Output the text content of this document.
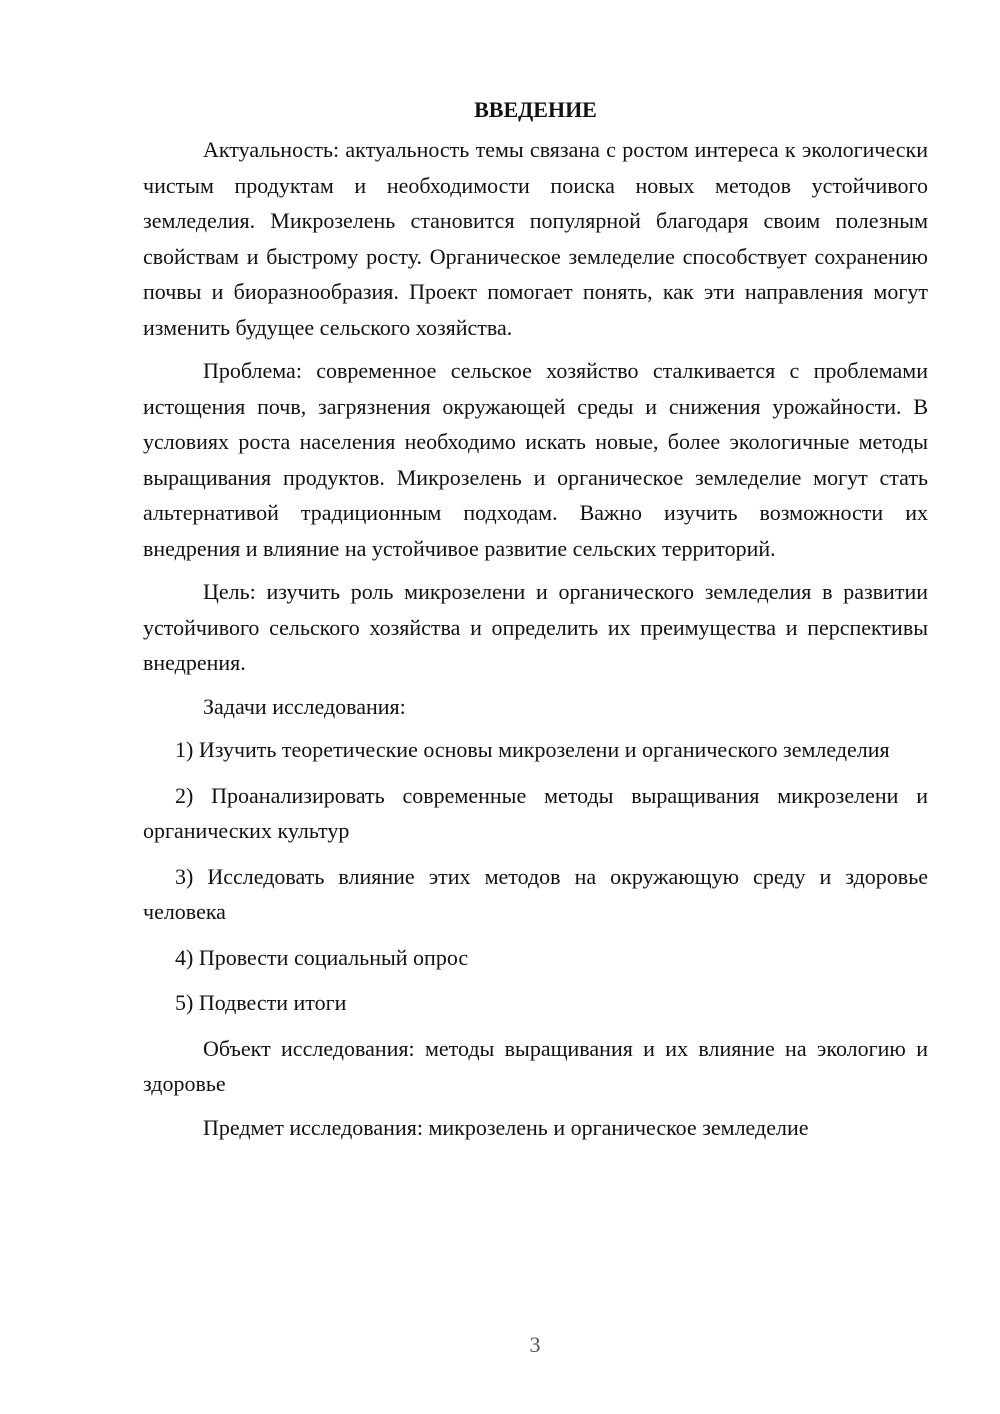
ВВЕДЕНИЕ

Актуальность: актуальность темы связана с ростом интереса к экологически чистым продуктам и необходимости поиска новых методов устойчивого земледелия. Микрозелень становится популярной благодаря своим полезным свойствам и быстрому росту. Органическое земледелие способствует сохранению почвы и биоразнообразия. Проект помогает понять, как эти направления могут изменить будущее сельского хозяйства.

Проблема: современное сельское хозяйство сталкивается с проблемами истощения почв, загрязнения окружающей среды и снижения урожайности. В условиях роста населения необходимо искать новые, более экологичные методы выращивания продуктов. Микрозелень и органическое земледелие могут стать альтернативой традиционным подходам. Важно изучить возможности их внедрения и влияние на устойчивое развитие сельских территорий.

Цель: изучить роль микрозелени и органического земледелия в развитии устойчивого сельского хозяйства и определить их преимущества и перспективы внедрения.

Задачи исследования:

1) Изучить теоретические основы микрозелени и органического земледелия

2) Проанализировать современные методы выращивания микрозелени и органических культур

3) Исследовать влияние этих методов на окружающую среду и здоровье человека

4) Провести социальный опрос

5) Подвести итоги

Объект исследования: методы выращивания и их влияние на экологию и здоровье

Предмет исследования: микрозелень и органическое земледелие

3
